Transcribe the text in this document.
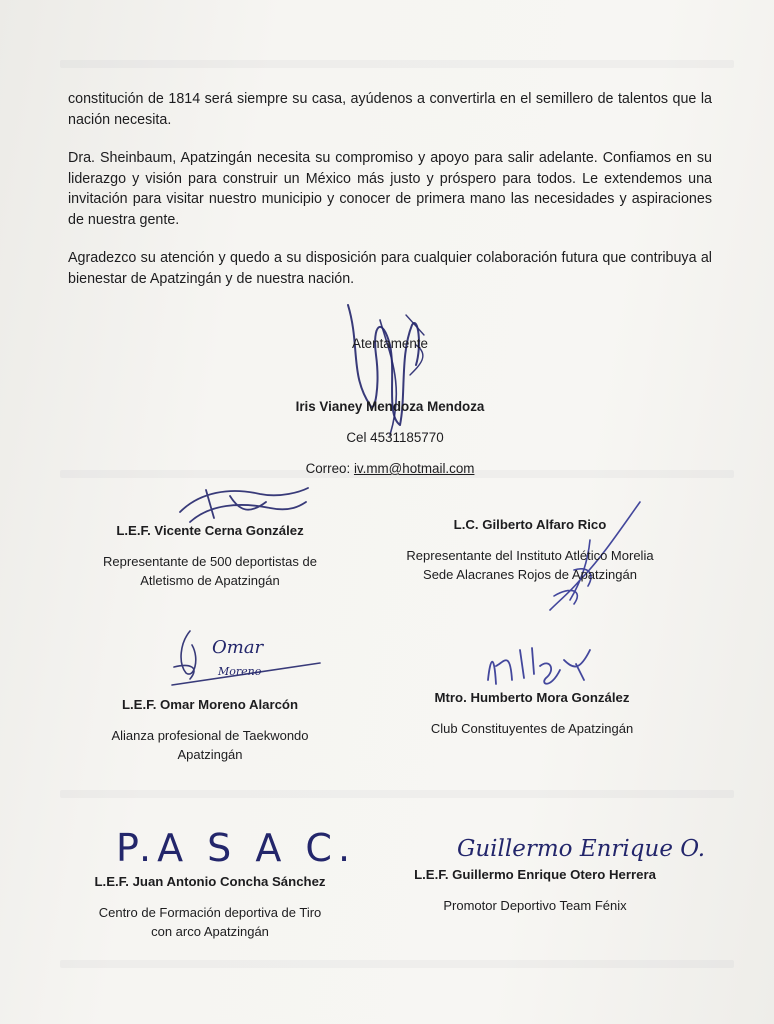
constitución de 1814 será siempre su casa, ayúdenos a convertirla en el semillero de talentos que la nación necesita.

Dra. Sheinbaum, Apatzingán necesita su compromiso y apoyo para salir adelante. Confiamos en su liderazgo y visión para construir un México más justo y próspero para todos. Le extendemos una invitación para visitar nuestro municipio y conocer de primera mano las necesidades y aspiraciones de nuestra gente.

Agradezco su atención y quedo a su disposición para cualquier colaboración futura que contribuya al bienestar de Apatzingán y de nuestra nación.

Atentamente

Iris Vianey Mendoza Mendoza

Cel 4531185770

Correo: iv.mm@hotmail.com

L.E.F. Vicente Cerna González
Representante de 500 deportistas de
Atletismo de Apatzingán
L.C. Gilberto Alfaro Rico
Representante del Instituto Atlético Morelia
Sede Alacranes Rojos de Apatzingán
Omar
Moreno
L.E.F. Omar Moreno Alarcón
Alianza profesional de Taekwondo
Apatzingán
Mtro. Humberto Mora González
Club Constituyentes de Apatzingán
P.A S A C.
L.E.F. Juan Antonio Concha Sánchez
Centro de Formación deportiva de Tiro
con arco Apatzingán
Guillermo Enrique O.
L.E.F. Guillermo Enrique Otero Herrera
Promotor Deportivo Team Fénix
